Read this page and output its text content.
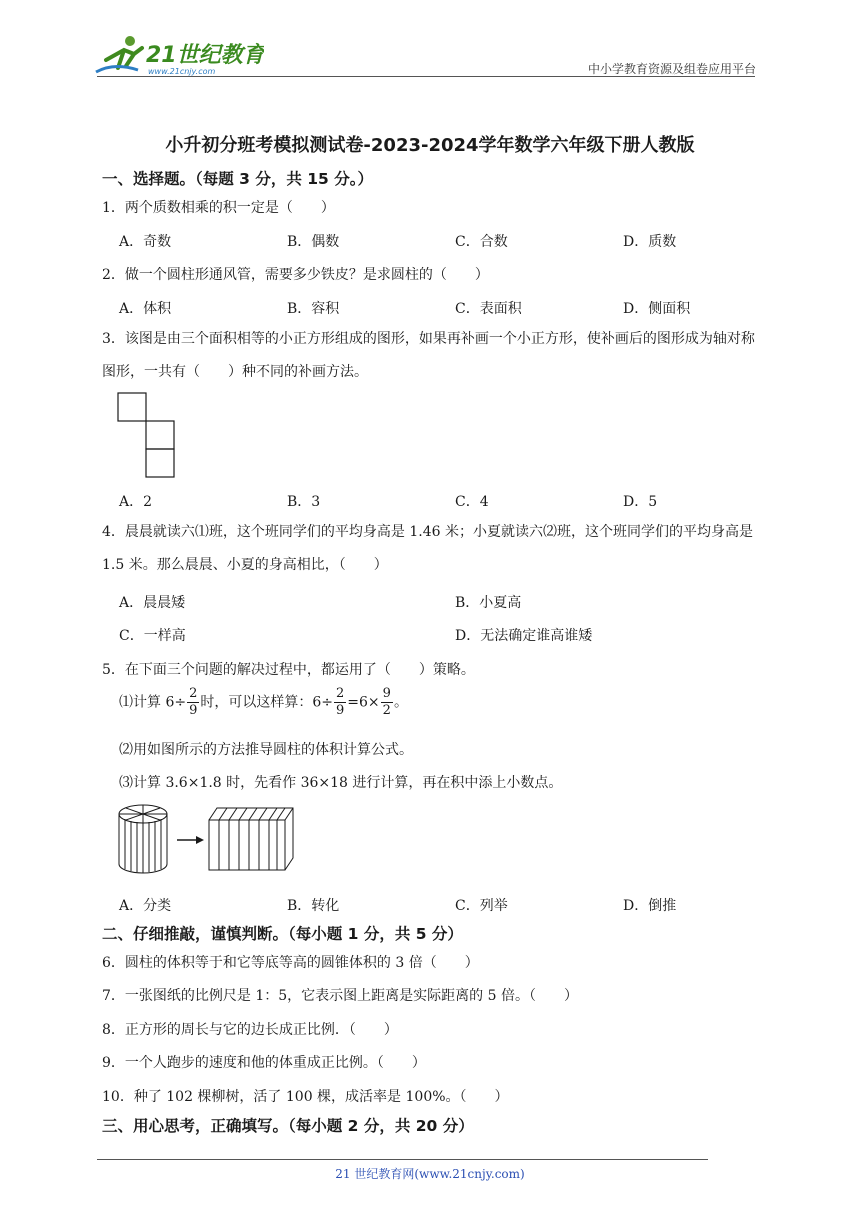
21世纪教育
www.21cnjy.com	中小学教育资源及组卷应用平台
小升初分班考模拟测试卷-2023-2024学年数学六年级下册人教版
一、选择题。（每题 3 分，共 15 分。）
1．两个质数相乘的积一定是（　　）
A．奇数	B．偶数	C．合数	D．质数
2．做一个圆柱形通风管，需要多少铁皮？是求圆柱的（　　）
A．体积	B．容积	C．表面积	D．侧面积
3．该图是由三个面积相等的小正方形组成的图形，如果再补画一个小正方形，使补画后的图形成为轴对称图形，一共有（　　）种不同的补画方法。
A．2	B．3	C．4	D．5
4．晨晨就读六⑴班，这个班同学们的平均身高是 1.46 米；小夏就读六⑵班，这个班同学们的平均身高是 1.5 米。那么晨晨、小夏的身高相比，（　　）
A．晨晨矮	B．小夏高
C．一样高	D．无法确定谁高谁矮
5．在下面三个问题的解决过程中，都运用了（　　）策略。
⑴计算 $6\div \frac{2}{9}$ 时，可以这样算：$6\div \frac{2}{9} =6\times \frac{9}{2}$ 。
⑵用如图所示的方法推导圆柱的体积计算公式。
⑶计算 3.6×1.8 时，先看作 36×18 进行计算，再在积中添上小数点。
A．分类	B．转化	C．列举	D．倒推
二、仔细推敲，谨慎判断。（每小题 1 分，共 5 分）
6．圆柱的体积等于和它等底等高的圆锥体积的 3 倍（　　）
7．一张图纸的比例尺是 1：5，它表示图上距离是实际距离的 5 倍。（　　）
8．正方形的周长与它的边长成正比例．（　　）
9．一个人跑步的速度和他的体重成正比例。（　　）
10．种了 102 棵柳树，活了 100 棵，成活率是 100%。（　　）
三、用心思考，正确填写。（每小题 2 分，共 20 分）
21 世纪教育网(www.21cnjy.com)
